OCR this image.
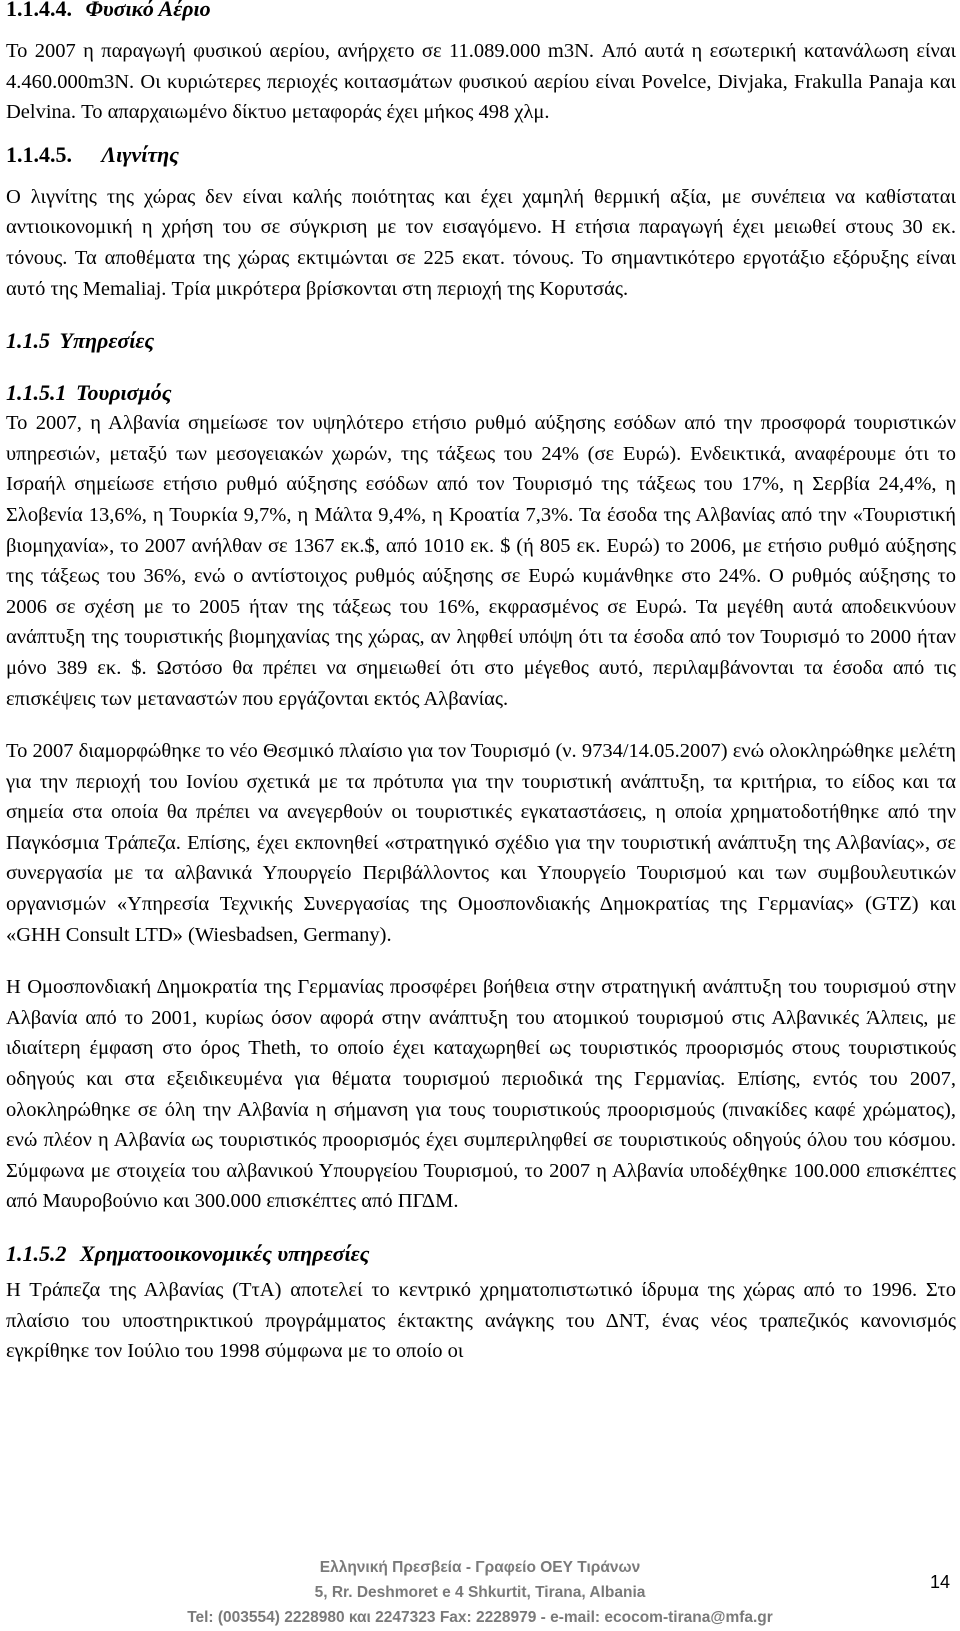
1.1.4.4. Φυσικό Αέριο

Το 2007 η παραγωγή φυσικού αερίου, ανήρχετο σε 11.089.000 m3N. Από αυτά η εσωτερική κατανάλωση είναι 4.460.000m3N. Οι κυριώτερες περιοχές κοιτασμάτων φυσικού αερίου είναι Povelce, Divjaka, Frakulla Panaja και Delvina. Το απαρχαιωμένο δίκτυο μεταφοράς έχει μήκος 498 χλμ.

1.1.4.5. Λιγνίτης

Ο λιγνίτης της χώρας δεν είναι καλής ποιότητας και έχει χαμηλή θερμική αξία, με συνέπεια να καθίσταται αντιοικονομική η χρήση του σε σύγκριση με τον εισαγόμενο. Η ετήσια παραγωγή έχει μειωθεί στους 30 εκ. τόνους. Τα αποθέματα της χώρας εκτιμώνται σε 225 εκατ. τόνους. Το σημαντικότερο εργοτάξιο εξόρυξης είναι αυτό της Memaliaj. Τρία μικρότερα βρίσκονται στη περιοχή της Κορυτσάς.

1.1.5 Υπηρεσίες
1.1.5.1 Τουρισμός

Το 2007, η Αλβανία σημείωσε τον υψηλότερο ετήσιο ρυθμό αύξησης εσόδων από την προσφορά τουριστικών υπηρεσιών, μεταξύ των μεσογειακών χωρών, της τάξεως του 24% (σε Ευρώ). Ενδεικτικά, αναφέρουμε ότι το Ισραήλ σημείωσε ετήσιο ρυθμό αύξησης εσόδων από τον Τουρισμό της τάξεως του 17%, η Σερβία 24,4%, η Σλοβενία 13,6%, η Τουρκία 9,7%, η Μάλτα 9,4%, η Κροατία 7,3%. Τα έσοδα της Αλβανίας από την «Τουριστική βιομηχανία», το 2007 ανήλθαν σε 1367 εκ.$, από 1010 εκ. $ (ή 805 εκ. Ευρώ) το 2006, με ετήσιο ρυθμό αύξησης της τάξεως του 36%, ενώ ο αντίστοιχος ρυθμός αύξησης σε Ευρώ κυμάνθηκε στο 24%. Ο ρυθμός αύξησης το 2006 σε σχέση με το 2005 ήταν της τάξεως του 16%, εκφρασμένος σε Ευρώ. Τα μεγέθη αυτά αποδεικνύουν ανάπτυξη της τουριστικής βιομηχανίας της χώρας, αν ληφθεί υπόψη ότι τα έσοδα από τον Τουρισμό το 2000 ήταν μόνο 389 εκ. $. Ωστόσο θα πρέπει να σημειωθεί ότι στο μέγεθος αυτό, περιλαμβάνονται τα έσοδα από τις επισκέψεις των μεταναστών που εργάζονται εκτός Αλβανίας.

Το 2007 διαμορφώθηκε το νέο Θεσμικό πλαίσιο για τον Τουρισμό (ν. 9734/14.05.2007) ενώ ολοκληρώθηκε μελέτη για την περιοχή του Ιονίου σχετικά με τα πρότυπα για την τουριστική ανάπτυξη, τα κριτήρια, το είδος και τα σημεία στα οποία θα πρέπει να ανεγερθούν οι τουριστικές εγκαταστάσεις, η οποία χρηματοδοτήθηκε από την Παγκόσμια Τράπεζα. Επίσης, έχει εκπονηθεί «στρατηγικό σχέδιο για την τουριστική ανάπτυξη της Αλβανίας», σε συνεργασία με τα αλβανικά Υπουργείο Περιβάλλοντος και Υπουργείο Τουρισμού και των συμβουλευτικών οργανισμών «Υπηρεσία Τεχνικής Συνεργασίας της Ομοσπονδιακής Δημοκρατίας της Γερμανίας» (GTZ) και «GHH Consult LTD» (Wiesbadsen, Germany).

Η Ομοσπονδιακή Δημοκρατία της Γερμανίας προσφέρει βοήθεια στην στρατηγική ανάπτυξη του τουρισμού στην Αλβανία από το 2001, κυρίως όσον αφορά στην ανάπτυξη του ατομικού τουρισμού στις Αλβανικές Άλπεις, με ιδιαίτερη έμφαση στο όρος Theth, το οποίο έχει καταχωρηθεί ως τουριστικός προορισμός στους τουριστικούς οδηγούς και στα εξειδικευμένα για θέματα τουρισμού περιοδικά της Γερμανίας. Επίσης, εντός του 2007, ολοκληρώθηκε σε όλη την Αλβανία η σήμανση για τους τουριστικούς προορισμούς (πινακίδες καφέ χρώματος), ενώ πλέον η Αλβανία ως τουριστικός προορισμός έχει συμπεριληφθεί σε τουριστικούς οδηγούς όλου του κόσμου. Σύμφωνα με στοιχεία του αλβανικού Υπουργείου Τουρισμού, το 2007 η Αλβανία υποδέχθηκε 100.000 επισκέπτες από Μαυροβούνιο και 300.000 επισκέπτες από ΠΓΔΜ.

1.1.5.2 Χρηματοοικονομικές υπηρεσίες

Η Τράπεζα της Αλβανίας (ΤτΑ) αποτελεί το κεντρικό χρηματοπιστωτικό ίδρυμα της χώρας από το 1996. Στο πλαίσιο του υποστηρικτικού προγράμματος έκτακτης ανάγκης του ΔΝΤ, ένας νέος τραπεζικός κανονισμός εγκρίθηκε τον Ιούλιο του 1998 σύμφωνα με το οποίο οι

Ελληνική Πρεσβεία - Γραφείο ΟΕΥ Τιράνων
5, Rr. Deshmoret e 4 Shkurtit, Tirana, Albania
Tel: (003554) 2228980 και 2247323 Fax: 2228979 - e-mail: ecocom-tirana@mfa.gr
14
